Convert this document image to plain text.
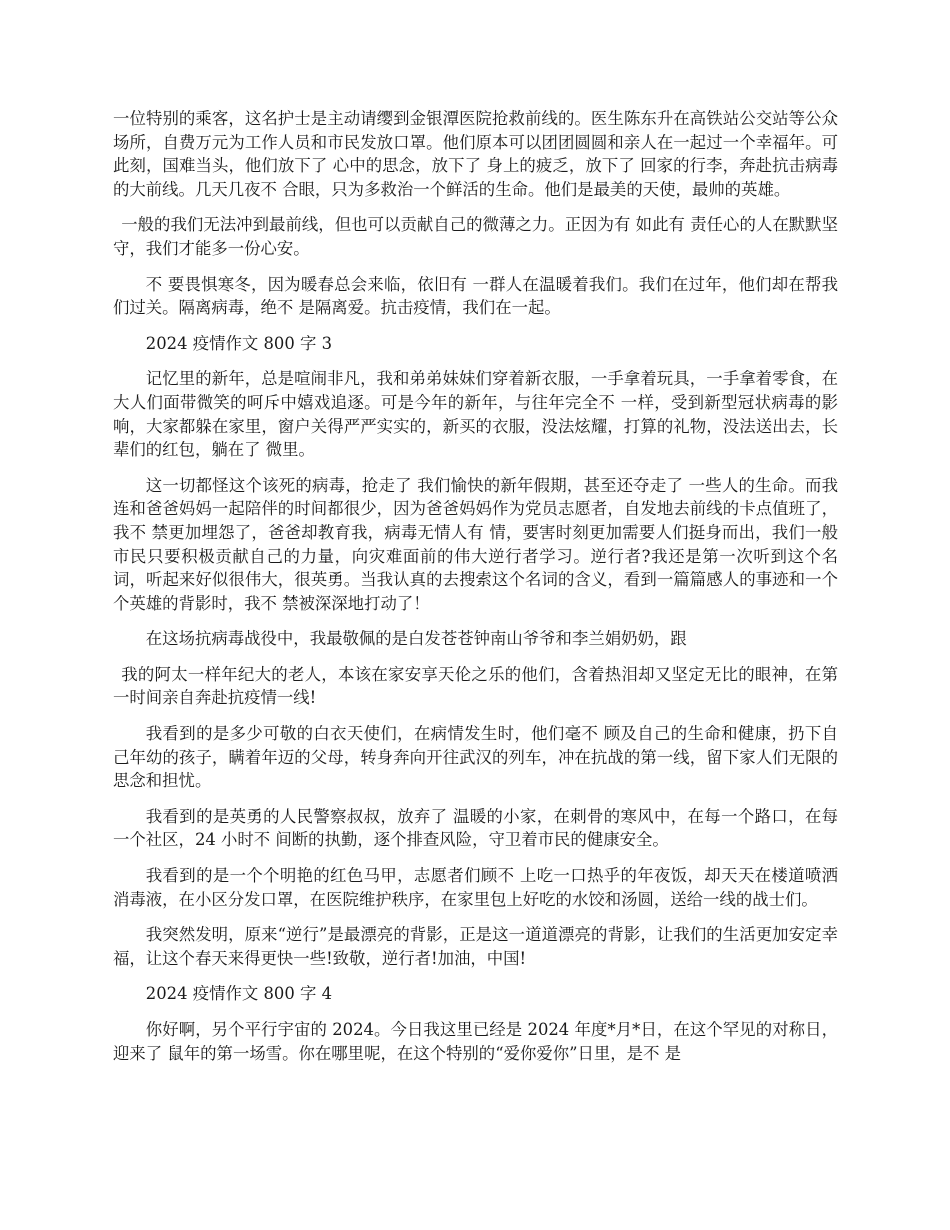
一位特别的乘客，这名护士是主动请缨到金银潭医院抢救前线的。医生陈东升在高铁站公交站等公众场所，自费万元为工作人员和市民发放口罩。他们原本可以团团圆圆和亲人在一起过一个幸福年。可此刻，国难当头，他们放下了 心中的思念，放下了 身上的疲乏，放下了 回家的行李，奔赴抗击病毒的大前线。几天几夜不 合眼，只为多救治一个鲜活的生命。他们是最美的天使，最帅的英雄。

一般的我们无法冲到最前线，但也可以贡献自己的微薄之力。正因为有 如此有 责任心的人在默默坚守，我们才能多一份心安。

不 要畏惧寒冬，因为暖春总会来临，依旧有 一群人在温暖着我们。我们在过年，他们却在帮我们过关。隔离病毒，绝不 是隔离爱。抗击疫情，我们在一起。

2024 疫情作文 800 字 3

记忆里的新年，总是喧闹非凡，我和弟弟妹妹们穿着新衣服，一手拿着玩具，一手拿着零食，在大人们面带微笑的呵斥中嬉戏追逐。可是今年的新年，与往年完全不 一样，受到新型冠状病毒的影响，大家都躲在家里，窗户关得严严实实的，新买的衣服，没法炫耀，打算的礼物，没法送出去，长辈们的红包，躺在了 微里。

这一切都怪这个该死的病毒，抢走了 我们愉快的新年假期，甚至还夺走了 一些人的生命。而我连和爸爸妈妈一起陪伴的时间都很少，因为爸爸妈妈作为党员志愿者，自发地去前线的卡点值班了，我不 禁更加埋怨了，爸爸却教育我，病毒无情人有 情，要害时刻更加需要人们挺身而出，我们一般市民只要积极贡献自己的力量，向灾难面前的伟大逆行者学习。逆行者?我还是第一次听到这个名词，听起来好似很伟大，很英勇。当我认真的去搜索这个名词的含义，看到一篇篇感人的事迹和一个个英雄的背影时，我不 禁被深深地打动了！

在这场抗病毒战役中，我最敬佩的是白发苍苍钟南山爷爷和李兰娟奶奶，跟

我的阿太一样年纪大的老人，本该在家安享天伦之乐的他们，含着热泪却又坚定无比的眼神，在第一时间亲自奔赴抗疫情一线!

我看到的是多少可敬的白衣天使们，在病情发生时，他们毫不 顾及自己的生命和健康，扔下自己年幼的孩子，瞒着年迈的父母，转身奔向开往武汉的列车，冲在抗战的第一线，留下家人们无限的思念和担忧。

我看到的是英勇的人民警察叔叔，放弃了 温暖的小家，在刺骨的寒风中，在每一个路口，在每一个社区，24 小时不 间断的执勤，逐个排查风险，守卫着市民的健康安全。

我看到的是一个个明艳的红色马甲，志愿者们顾不 上吃一口热乎的年夜饭，却天天在楼道喷洒消毒液，在小区分发口罩，在医院维护秩序，在家里包上好吃的水饺和汤圆，送给一线的战士们。

我突然发明，原来“逆行”是最漂亮的背影，正是这一道道漂亮的背影，让我们的生活更加安定幸福，让这个春天来得更快一些!致敬，逆行者!加油，中国!

2024 疫情作文 800 字 4

你好啊，另个平行宇宙的 2024。今日我这里已经是 2024 年度*月*日，在这个罕见的对称日，迎来了 鼠年的第一场雪。你在哪里呢，在这个特别的“爱你爱你”日里，是不 是
